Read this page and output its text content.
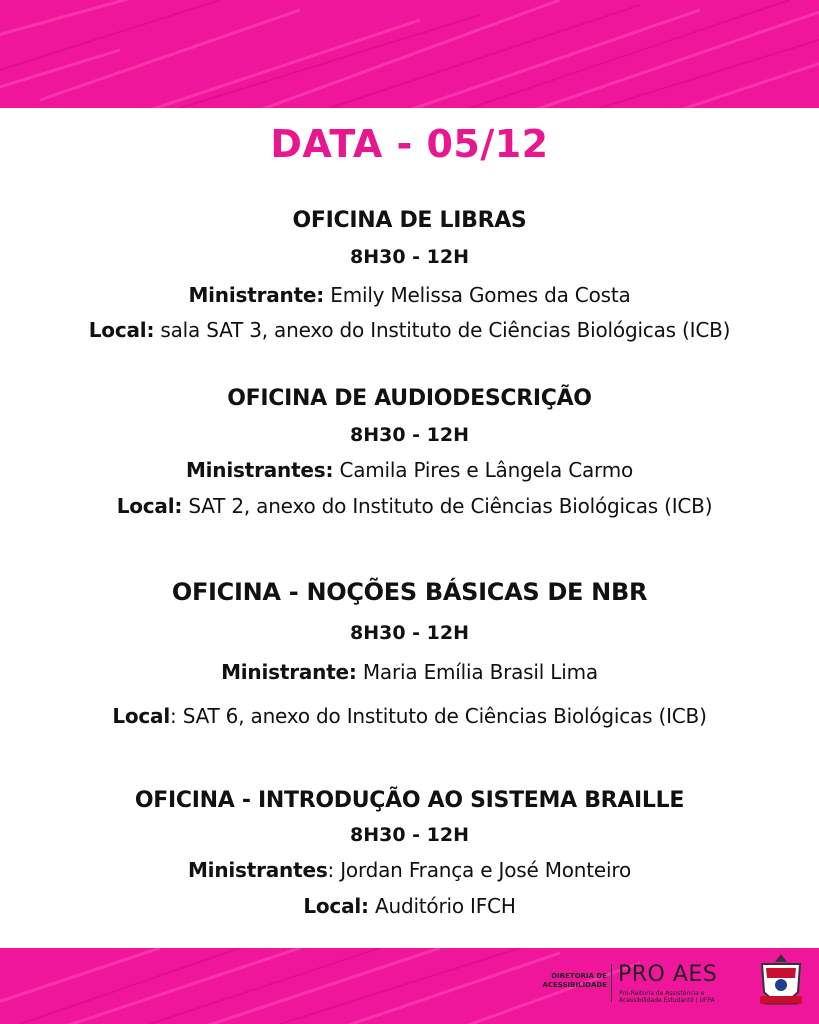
DATA - 05/12
OFICINA DE LIBRAS
8H30 - 12H
Ministrante: Emily Melissa Gomes da Costa
Local: sala SAT 3, anexo do Instituto de Ciências Biológicas (ICB)
OFICINA DE AUDIODESCRIÇÃO
8H30 - 12H
Ministrantes: Camila Pires e Lângela Carmo
Local: SAT 2, anexo do Instituto de Ciências Biológicas (ICB)
OFICINA - NOÇÕES BÁSICAS DE NBR
8H30 - 12H
Ministrante: Maria Emília Brasil Lima
Local: SAT 6, anexo do Instituto de Ciências Biológicas (ICB)
OFICINA - INTRODUÇÃO AO SISTEMA BRAILLE
8H30 - 12H
Ministrantes: Jordan França e José Monteiro
Local: Auditório IFCH
DIRETORIA DE ACESSIBILIDADE PRO AES
Pró-Reitoria de Assistência e Acessibilidade Estudantil | UFPA
